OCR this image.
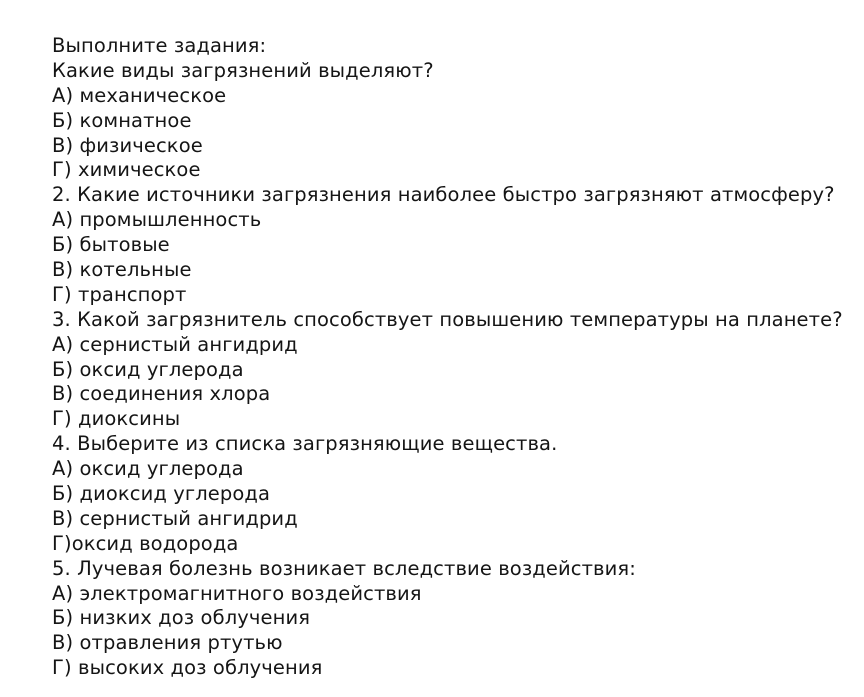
Выполните задания:
Какие виды загрязнений выделяют?
А) механическое
Б) комнатное
В) физическое
Г) химическое
2. Какие источники загрязнения наиболее быстро загрязняют атмосферу?
А) промышленность
Б) бытовые
В) котельные
Г) транспорт
3. Какой загрязнитель способствует повышению температуры на планете?
А) сернистый ангидрид
Б) оксид углерода
В) соединения хлора
Г) диоксины
4. Выберите из списка загрязняющие вещества.
А) оксид углерода
Б) диоксид углерода
В) сернистый ангидрид
Г)оксид водорода
5. Лучевая болезнь возникает вследствие воздействия:
А) электромагнитного воздействия
Б) низких доз облучения
В) отравления ртутью
Г) высоких доз облучения
